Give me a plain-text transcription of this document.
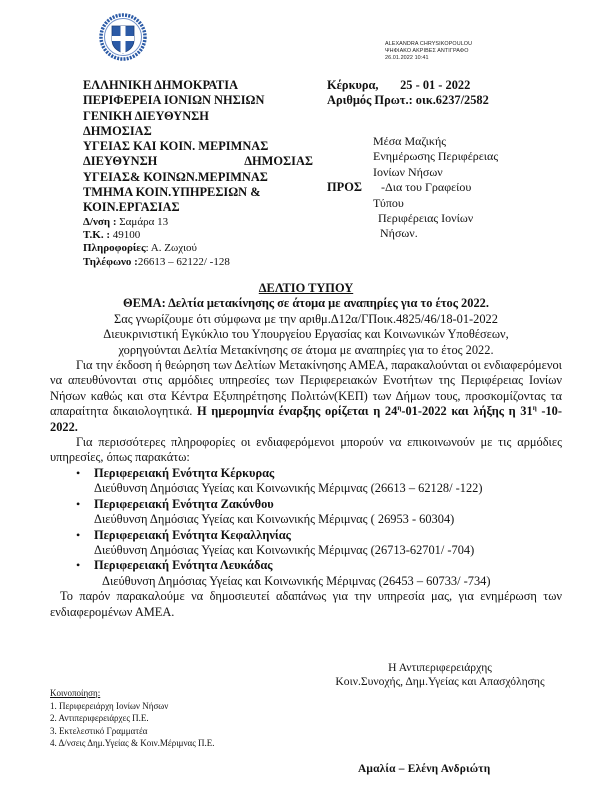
ALEXANDRA CHRYSIKOPOULOU
ΨΗΦΙΑΚΟ ΑΚΡΙΒΕΣ ΑΝΤΙΓΡΑΦΟ
26.01.2022 10:41
ΕΛΛΗΝΙΚΗ ΔΗΜΟΚΡΑΤΙΑ
ΠΕΡΙΦΕΡΕΙΑ ΙΟΝΙΩΝ ΝΗΣΙΩΝ
ΓΕΝΙΚΗ ΔΙΕΥΘΥΝΣΗ
ΔΗΜΟΣΙΑΣ
ΥΓΕΙΑΣ ΚΑΙ ΚΟΙΝ. ΜΕΡΙΜΝΑΣ
ΔΙΕΥΘΥΝΣΗ	ΔΗΜΟΣΙΑΣ
ΥΓΕΙΑΣ& ΚΟΙΝΩΝ.ΜΕΡΙΜΝΑΣ
ΤΜΗΜΑ ΚΟΙΝ.ΥΠΗΡΕΣΙΩΝ &
ΚΟΙΝ.ΕΡΓΑΣΙΑΣ
Δ/νση : Σαμάρα 13
Τ.Κ. : 49100
Πληροφορίες: Α. Ζωχιού
Τηλέφωνο :26613 – 62122/ -128
Κέρκυρα, 25 - 01 - 2022
Αριθμός Πρωτ.: οικ.6237/2582
ΠΡΟΣ
Μέσα Μαζικής
Ενημέρωσης Περιφέρειας
Ιονίων Νήσων
-Δια του Γραφείου
Τύπου
Περιφέρειας Ιονίων
Νήσων.
ΔΕΛΤΙΟ ΤΥΠΟΥ
ΘΕΜΑ: Δελτία μετακίνησης σε άτομα με αναπηρίες για το έτος 2022.
Σας γνωρίζουμε ότι σύμφωνα με την αριθμ.Δ12α/ΓΠοικ.4825/46/18-01-2022
Διευκρινιστική Εγκύκλιο του Υπουργείου Εργασίας και Κοινωνικών Υποθέσεων,
χορηγούνται Δελτία Μετακίνησης σε άτομα με αναπηρίες για το έτος 2022.
Για την έκδοση ή θεώρηση των Δελτίων Μετακίνησης ΑΜΕΑ, παρακαλούνται οι ενδιαφερόμενοι να απευθύνονται στις αρμόδιες υπηρεσίες των Περιφερειακών Ενοτήτων της Περιφέρειας Ιονίων Νήσων καθώς και στα Κέντρα Εξυπηρέτησης Πολιτών(ΚΕΠ) των Δήμων τους, προσκομίζοντας τα απαραίτητα δικαιολογητικά. Η ημερομηνία έναρξης ορίζεται η $24^\eta-01-2022$ και λήξης η $31^\eta$ -10-2022.
Για περισσότερες πληροφορίες οι ενδιαφερόμενοι μπορούν να επικοινωνούν με τις αρμόδιες υπηρεσίες, όπως παρακάτω:
• Περιφερειακή Ενότητα Κέρκυρας
Διεύθυνση Δημόσιας Υγείας και Κοινωνικής Μέριμνας (26613 – 62128/ -122)
• Περιφερειακή Ενότητα Ζακύνθου
Διεύθυνση Δημόσιας Υγείας και Κοινωνικής Μέριμνας ( 26953 - 60304)
• Περιφερειακή Ενότητα Κεφαλληνίας
Διεύθυνση Δημόσιας Υγείας και Κοινωνικής Μέριμνας (26713-62701/ -704)
• Περιφερειακή Ενότητα Λευκάδας
Διεύθυνση Δημόσιας Υγείας και Κοινωνικής Μέριμνας (26453 – 60733/ -734)
Το παρόν παρακαλούμε να δημοσιευτεί αδαπάνως για την υπηρεσία μας, για ενημέρωση των ενδιαφερομένων ΑΜΕΑ.
Η Αντιπεριφερειάρχης
Κοιν.Συνοχής, Δημ.Υγείας και Απασχόλησης
Κοινοποίηση:
1. Περιφερειάρχη Ιονίων Νήσων
2. Αντιπεριφερειάρχες Π.Ε.
3. Εκτελεστικό Γραμματέα
4. Δ/νσεις Δημ.Υγείας & Κοιν.Μέριμνας Π.Ε.
Αμαλία – Ελένη Ανδριώτη
